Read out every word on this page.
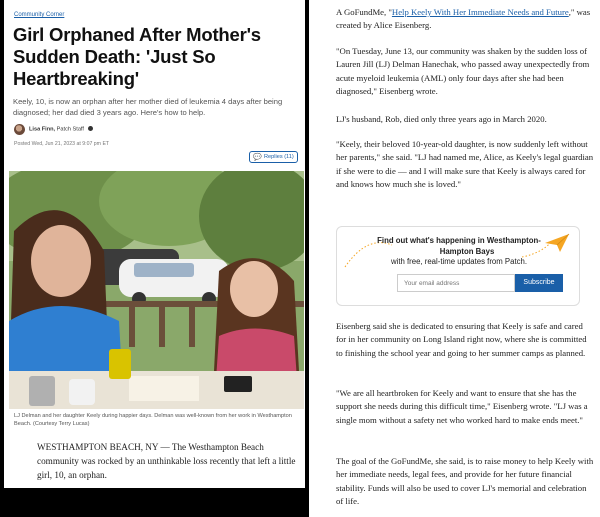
Community Corner
Girl Orphaned After Mother's Sudden Death: 'Just So Heartbreaking'
Keely, 10, is now an orphan after her mother died of leukemia 4 days after being diagnosed; her dad died 3 years ago. Here's how to help.
Lisa Finn, Patch Staff
Posted Wed, Jun 21, 2023 at 9:07 pm ET
💬 Replies (11)
LJ Delman and her daughter Keely during happier days. Delman was well-known from her work in Westhampton Beach. (Courtesy Terry Lucas)
WESTHAMPTON BEACH, NY — The Westhampton Beach community was rocked by an unthinkable loss recently that left a little girl, 10, an orphan.
A GoFundMe, "Help Keely With Her Immediate Needs and Future," was created by Alice Eisenberg.
"On Tuesday, June 13, our community was shaken by the sudden loss of Lauren Jill (LJ) Delman Hanechak, who passed away unexpectedly from acute myeloid leukemia (AML) only four days after she had been diagnosed," Eisenberg wrote.
LJ's husband, Rob, died only three years ago in March 2020.
"Keely, their beloved 10-year-old daughter, is now suddenly left without her parents," she said. "LJ had named me, Alice, as Keely's legal guardian if she were to die — and I will make sure that Keely is always cared for and knows how much she is loved."
Find out what's happening in Westhampton-
Hampton Bays
with free, real-time updates from Patch.
Your email address
Subscribe
Eisenberg said she is dedicated to ensuring that Keely is safe and cared for in her community on Long Island right now, where she is committed to finishing the school year and going to her summer camps as planned.
"We are all heartbroken for Keely and want to ensure that she has the support she needs during this difficult time," Eisenberg wrote. "LJ was a single mom without a safety net who worked hard to make ends meet."
The goal of the GoFundMe, she said, is to raise money to help Keely with her immediate needs, legal fees, and provide for her future financial stability. Funds will also be used to cover LJ's memorial and celebration of life.
